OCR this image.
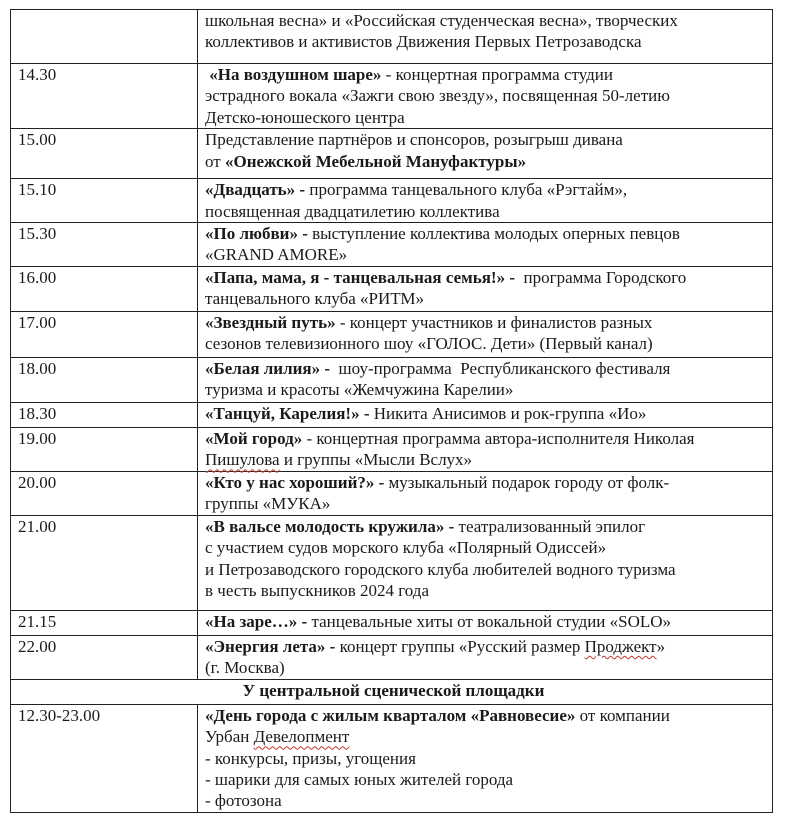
	школьная весна» и «Российская студенческая весна», творческих
коллективов и активистов Движения Первых Петрозаводска

14.30	«На воздушном шаре» - концертная программа студии
эстрадного вокала «Зажги свою звезду», посвященная 50-летию
Детско-юношеского центра

15.00	Представление партнёров и спонсоров, розыгрыш дивана
от «Онежской Мебельной Мануфактуры»

15.10	«Двадцать» - программа танцевального клуба «Рэгтайм»,
посвященная двадцатилетию коллектива

15.30	«По любви» - выступление коллектива молодых оперных певцов
«GRAND AMORE»

16.00	«Папа, мама, я - танцевальная семья!» -  программа Городского
танцевального клуба «РИТМ»

17.00	«Звездный путь» - концерт участников и финалистов разных
сезонов телевизионного шоу «ГОЛОС. Дети» (Первый канал)

18.00	«Белая лилия» -  шоу-программа  Республиканского фестиваля
туризма и красоты «Жемчужина Карелии»

18.30	«Танцуй, Карелия!» - Никита Анисимов и рок-группа «Ио»

19.00	«Мой город» - концертная программа автора-исполнителя Николая
Пишулова и группы «Мысли Вслух»

20.00	«Кто у нас хороший?» - музыкальный подарок городу от фолк-
группы «МУКА»

21.00	«В вальсе молодость кружила» - театрализованный эпилог
с участием судов морского клуба «Полярный Одиссей»
и Петрозаводского городского клуба любителей водного туризма
в честь выпускников 2024 года

21.15	«На заре…» - танцевальные хиты от вокальной студии «SOLO»

22.00	«Энергия лета» - концерт группы «Русский размер Проджект»
(г. Москва)

У центральной сценической площадки	
12.30-23.00	«День города с жилым кварталом «Равновесие» от компании
Урбан Девелопмент
- конкурсы, призы, угощения
- шарики для самых юных жителей города
- фотозона
